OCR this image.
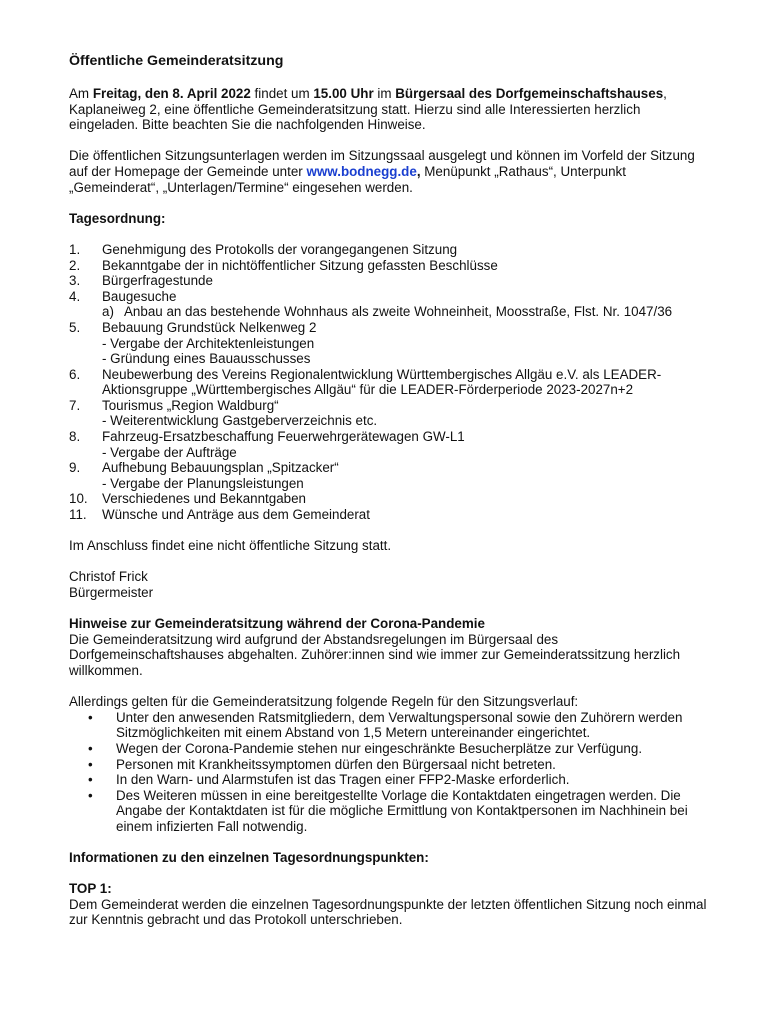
Öffentliche Gemeinderatsitzung

Am Freitag, den 8. April 2022 findet um 15.00 Uhr im Bürgersaal des Dorfgemeinschaftshauses, Kaplaneiweg 2, eine öffentliche Gemeinderatsitzung statt. Hierzu sind alle Interessierten herzlich eingeladen. Bitte beachten Sie die nachfolgenden Hinweise.

Die öffentlichen Sitzungsunterlagen werden im Sitzungssaal ausgelegt und können im Vorfeld der Sitzung auf der Homepage der Gemeinde unter www.bodnegg.de, Menüpunkt „Rathaus“, Unterpunkt „Gemeinderat“, „Unterlagen/Termine“ eingesehen werden.

Tagesordnung:

1. Genehmigung des Protokolls der vorangegangenen Sitzung
2. Bekanntgabe der in nichtöffentlicher Sitzung gefassten Beschlüsse
3. Bürgerfragestunde
4. Baugesuche
a) Anbau an das bestehende Wohnhaus als zweite Wohneinheit, Moosstraße, Flst. Nr. 1047/36
5. Bebauung Grundstück Nelkenweg 2
- Vergabe der Architektenleistungen
- Gründung eines Bauausschusses
6. Neubewerbung des Vereins Regionalentwicklung Württembergisches Allgäu e.V. als LEADER-Aktionsgruppe „Württembergisches Allgäu“ für die LEADER-Förderperiode 2023-2027n+2
7. Tourismus „Region Waldburg“
- Weiterentwicklung Gastgeberverzeichnis etc.
8. Fahrzeug-Ersatzbeschaffung Feuerwehrgerätewagen GW-L1
- Vergabe der Aufträge
9. Aufhebung Bebauungsplan „Spitzacker“
- Vergabe der Planungsleistungen
10. Verschiedenes und Bekanntgaben
11. Wünsche und Anträge aus dem Gemeinderat

Im Anschluss findet eine nicht öffentliche Sitzung statt.

Christof Frick

Bürgermeister

Hinweise zur Gemeinderatsitzung während der Corona-Pandemie

Die Gemeinderatsitzung wird aufgrund der Abstandsregelungen im Bürgersaal des Dorfgemeinschaftshauses abgehalten. Zuhörer:innen sind wie immer zur Gemeinderatssitzung herzlich willkommen.

Allerdings gelten für die Gemeinderatsitzung folgende Regeln für den Sitzungsverlauf:

• Unter den anwesenden Ratsmitgliedern, dem Verwaltungspersonal sowie den Zuhörern werden Sitzmöglichkeiten mit einem Abstand von 1,5 Metern untereinander eingerichtet.
• Wegen der Corona-Pandemie stehen nur eingeschränkte Besucherplätze zur Verfügung.
• Personen mit Krankheitssymptomen dürfen den Bürgersaal nicht betreten.
• In den Warn- und Alarmstufen ist das Tragen einer FFP2-Maske erforderlich.
• Des Weiteren müssen in eine bereitgestellte Vorlage die Kontaktdaten eingetragen werden. Die Angabe der Kontaktdaten ist für die mögliche Ermittlung von Kontaktpersonen im Nachhinein bei einem infizierten Fall notwendig.

Informationen zu den einzelnen Tagesordnungspunkten:

TOP 1:

Dem Gemeinderat werden die einzelnen Tagesordnungspunkte der letzten öffentlichen Sitzung noch einmal zur Kenntnis gebracht und das Protokoll unterschrieben.
